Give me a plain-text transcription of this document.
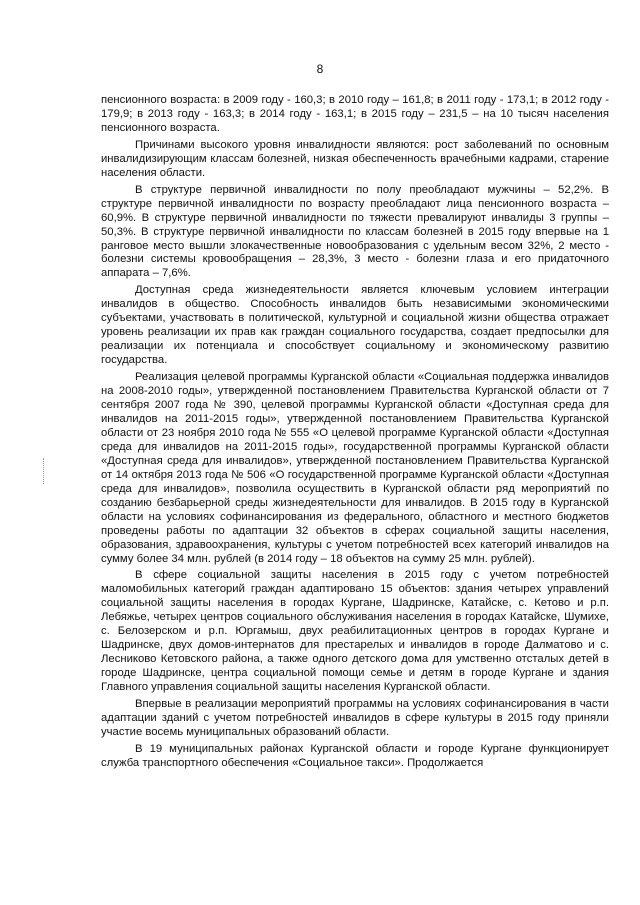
8

пенсионного возраста: в 2009 году - 160,3; в 2010 году – 161,8; в 2011 году - 173,1; в 2012 году - 179,9; в 2013 году - 163,3; в 2014 году - 163,1; в 2015 году – 231,5 – на 10 тысяч населения пенсионного возраста.

Причинами высокого уровня инвалидности являются: рост заболеваний по основным инвалидизирующим классам болезней, низкая обеспеченность врачебными кадрами, старение населения области.

В структуре первичной инвалидности по полу преобладают мужчины – 52,2%. В структуре первичной инвалидности по возрасту преобладают лица пенсионного возраста – 60,9%. В структуре первичной инвалидности по тяжести превалируют инвалиды 3 группы – 50,3%. В структуре первичной инвалидности по классам болезней в 2015 году впервые на 1 ранговое место вышли злокачественные новообразования с удельным весом 32%, 2 место - болезни системы кровообращения – 28,3%, 3 место - болезни глаза и его придаточного аппарата – 7,6%.

Доступная среда жизнедеятельности является ключевым условием интеграции инвалидов в общество. Способность инвалидов быть независимыми экономическими субъектами, участвовать в политической, культурной и социальной жизни общества отражает уровень реализации их прав как граждан социального государства, создает предпосылки для реализации их потенциала и способствует социальному и экономическому развитию государства.

Реализация целевой программы Курганской области «Социальная поддержка инвалидов на 2008-2010 годы», утвержденной постановлением Правительства Курганской области от 7 сентября 2007 года № 390, целевой программы Курганской области «Доступная среда для инвалидов на 2011-2015 годы», утвержденной постановлением Правительства Курганской области от 23 ноября 2010 года № 555 «О целевой программе Курганской области «Доступная среда для инвалидов на 2011-2015 годы», государственной программы Курганской области «Доступная среда для инвалидов», утвержденной постановлением Правительства Курганской от 14 октября 2013 года № 506 «О государственной программе Курганской области «Доступная среда для инвалидов», позволила осуществить в Курганской области ряд мероприятий по созданию безбарьерной среды жизнедеятельности для инвалидов. В 2015 году в Курганской области на условиях софинансирования из федерального, областного и местного бюджетов проведены работы по адаптации 32 объектов в сферах социальной защиты населения, образования, здравоохранения, культуры с учетом потребностей всех категорий инвалидов на сумму более 34 млн. рублей (в 2014 году – 18 объектов на сумму 25 млн. рублей).

В сфере социальной защиты населения в 2015 году с учетом потребностей маломобильных категорий граждан адаптировано 15 объектов: здания четырех управлений социальной защиты населения в городах Кургане, Шадринске, Катайске, с. Кетово и р.п. Лебяжье, четырех центров социального обслуживания населения в городах Катайске, Шумихе, с. Белозерском и р.п. Юргамыш, двух реабилитационных центров в городах Кургане и Шадринске, двух домов-интернатов для престарелых и инвалидов в городе Далматово и с. Лесниково Кетовского района, а также одного детского дома для умственно отсталых детей в городе Шадринске, центра социальной помощи семье и детям в городе Кургане и здания Главного управления социальной защиты населения Курганской области.

Впервые в реализации мероприятий программы на условиях софинансирования в части адаптации зданий с учетом потребностей инвалидов в сфере культуры в 2015 году приняли участие восемь муниципальных образований области.

В 19 муниципальных районах Курганской области и городе Кургане функционирует служба транспортного обеспечения «Социальное такси». Продолжается
